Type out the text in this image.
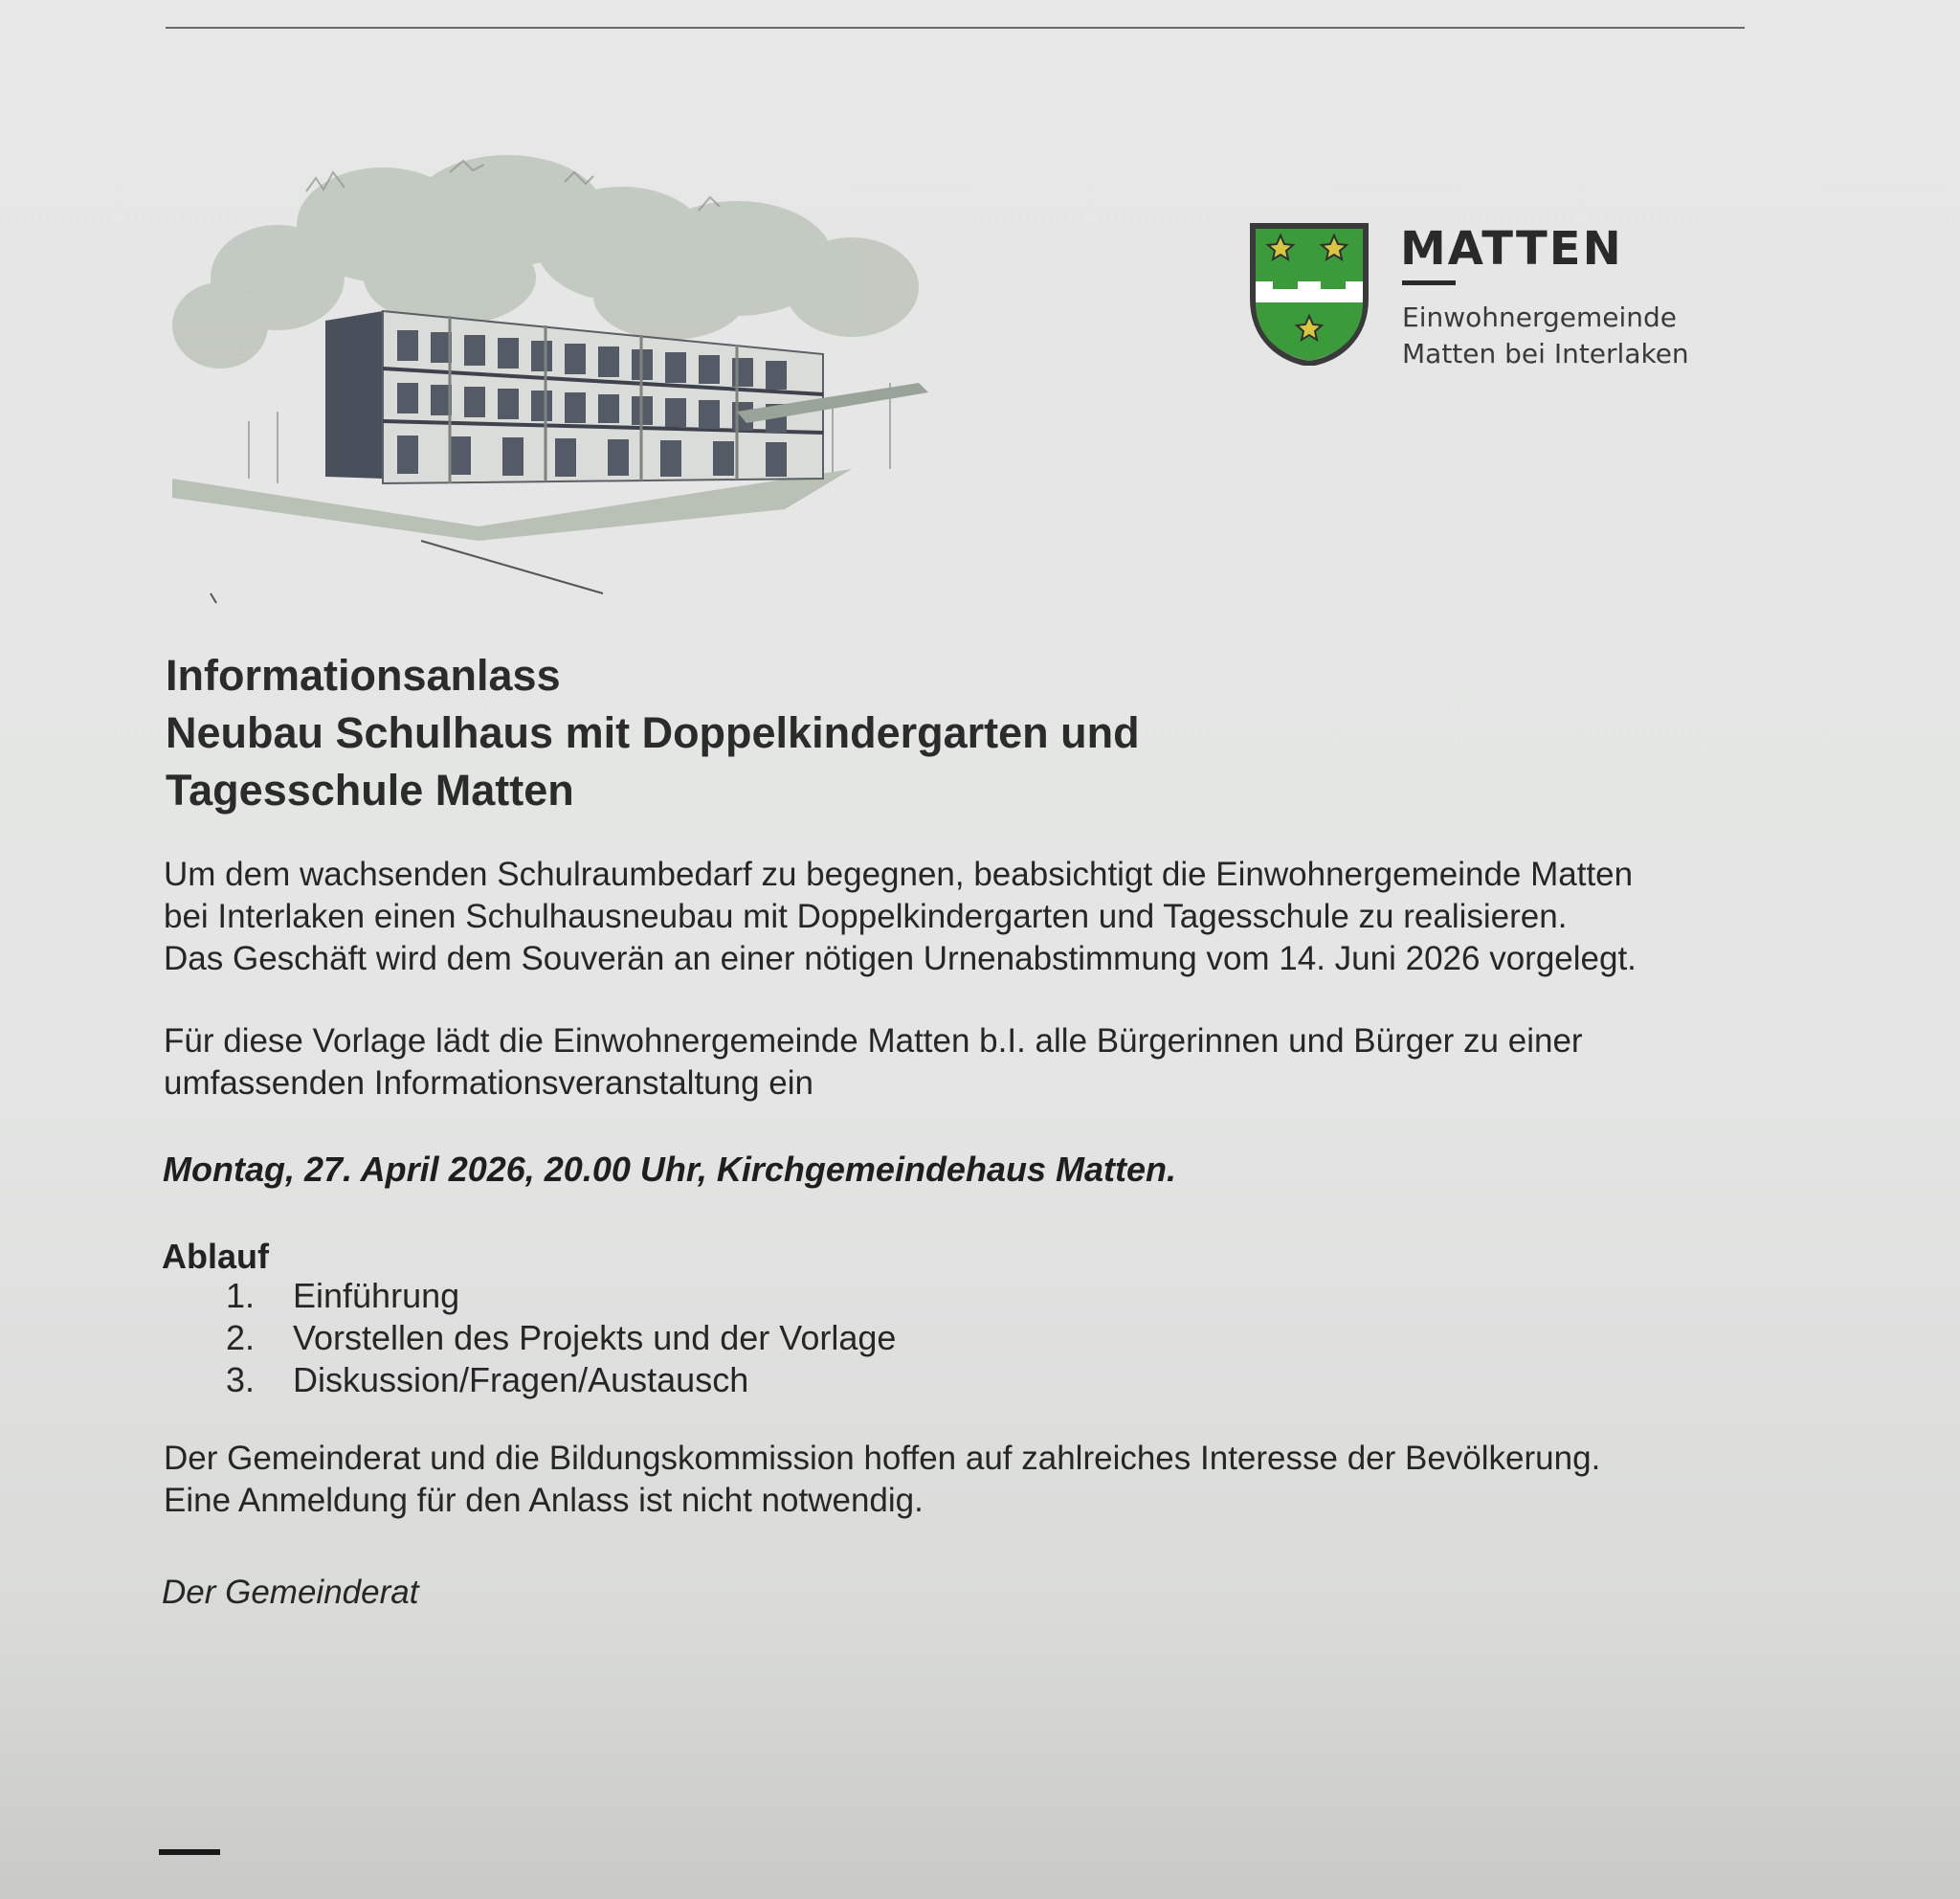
MATTEN
Einwohnergemeinde
Matten bei Interlaken
Informationsanlass
Neubau Schulhaus mit Doppelkindergarten und
Tagesschule Matten
Um dem wachsenden Schulraumbedarf zu begegnen, beabsichtigt die Einwohnergemeinde Matten
bei Interlaken einen Schulhausneubau mit Doppelkindergarten und Tagesschule zu realisieren.
Das Geschäft wird dem Souverän an einer nötigen Urnenabstimmung vom 14. Juni 2026 vorgelegt.
Für diese Vorlage lädt die Einwohnergemeinde Matten b.I. alle Bürgerinnen und Bürger zu einer
umfassenden Informationsveranstaltung ein
Montag, 27. April 2026, 20.00 Uhr, Kirchgemeindehaus Matten.
Ablauf
1.	Einführung
2.	Vorstellen des Projekts und der Vorlage
3.	Diskussion/Fragen/Austausch
Der Gemeinderat und die Bildungskommission hoffen auf zahlreiches Interesse der Bevölkerung.
Eine Anmeldung für den Anlass ist nicht notwendig.
Der Gemeinderat
